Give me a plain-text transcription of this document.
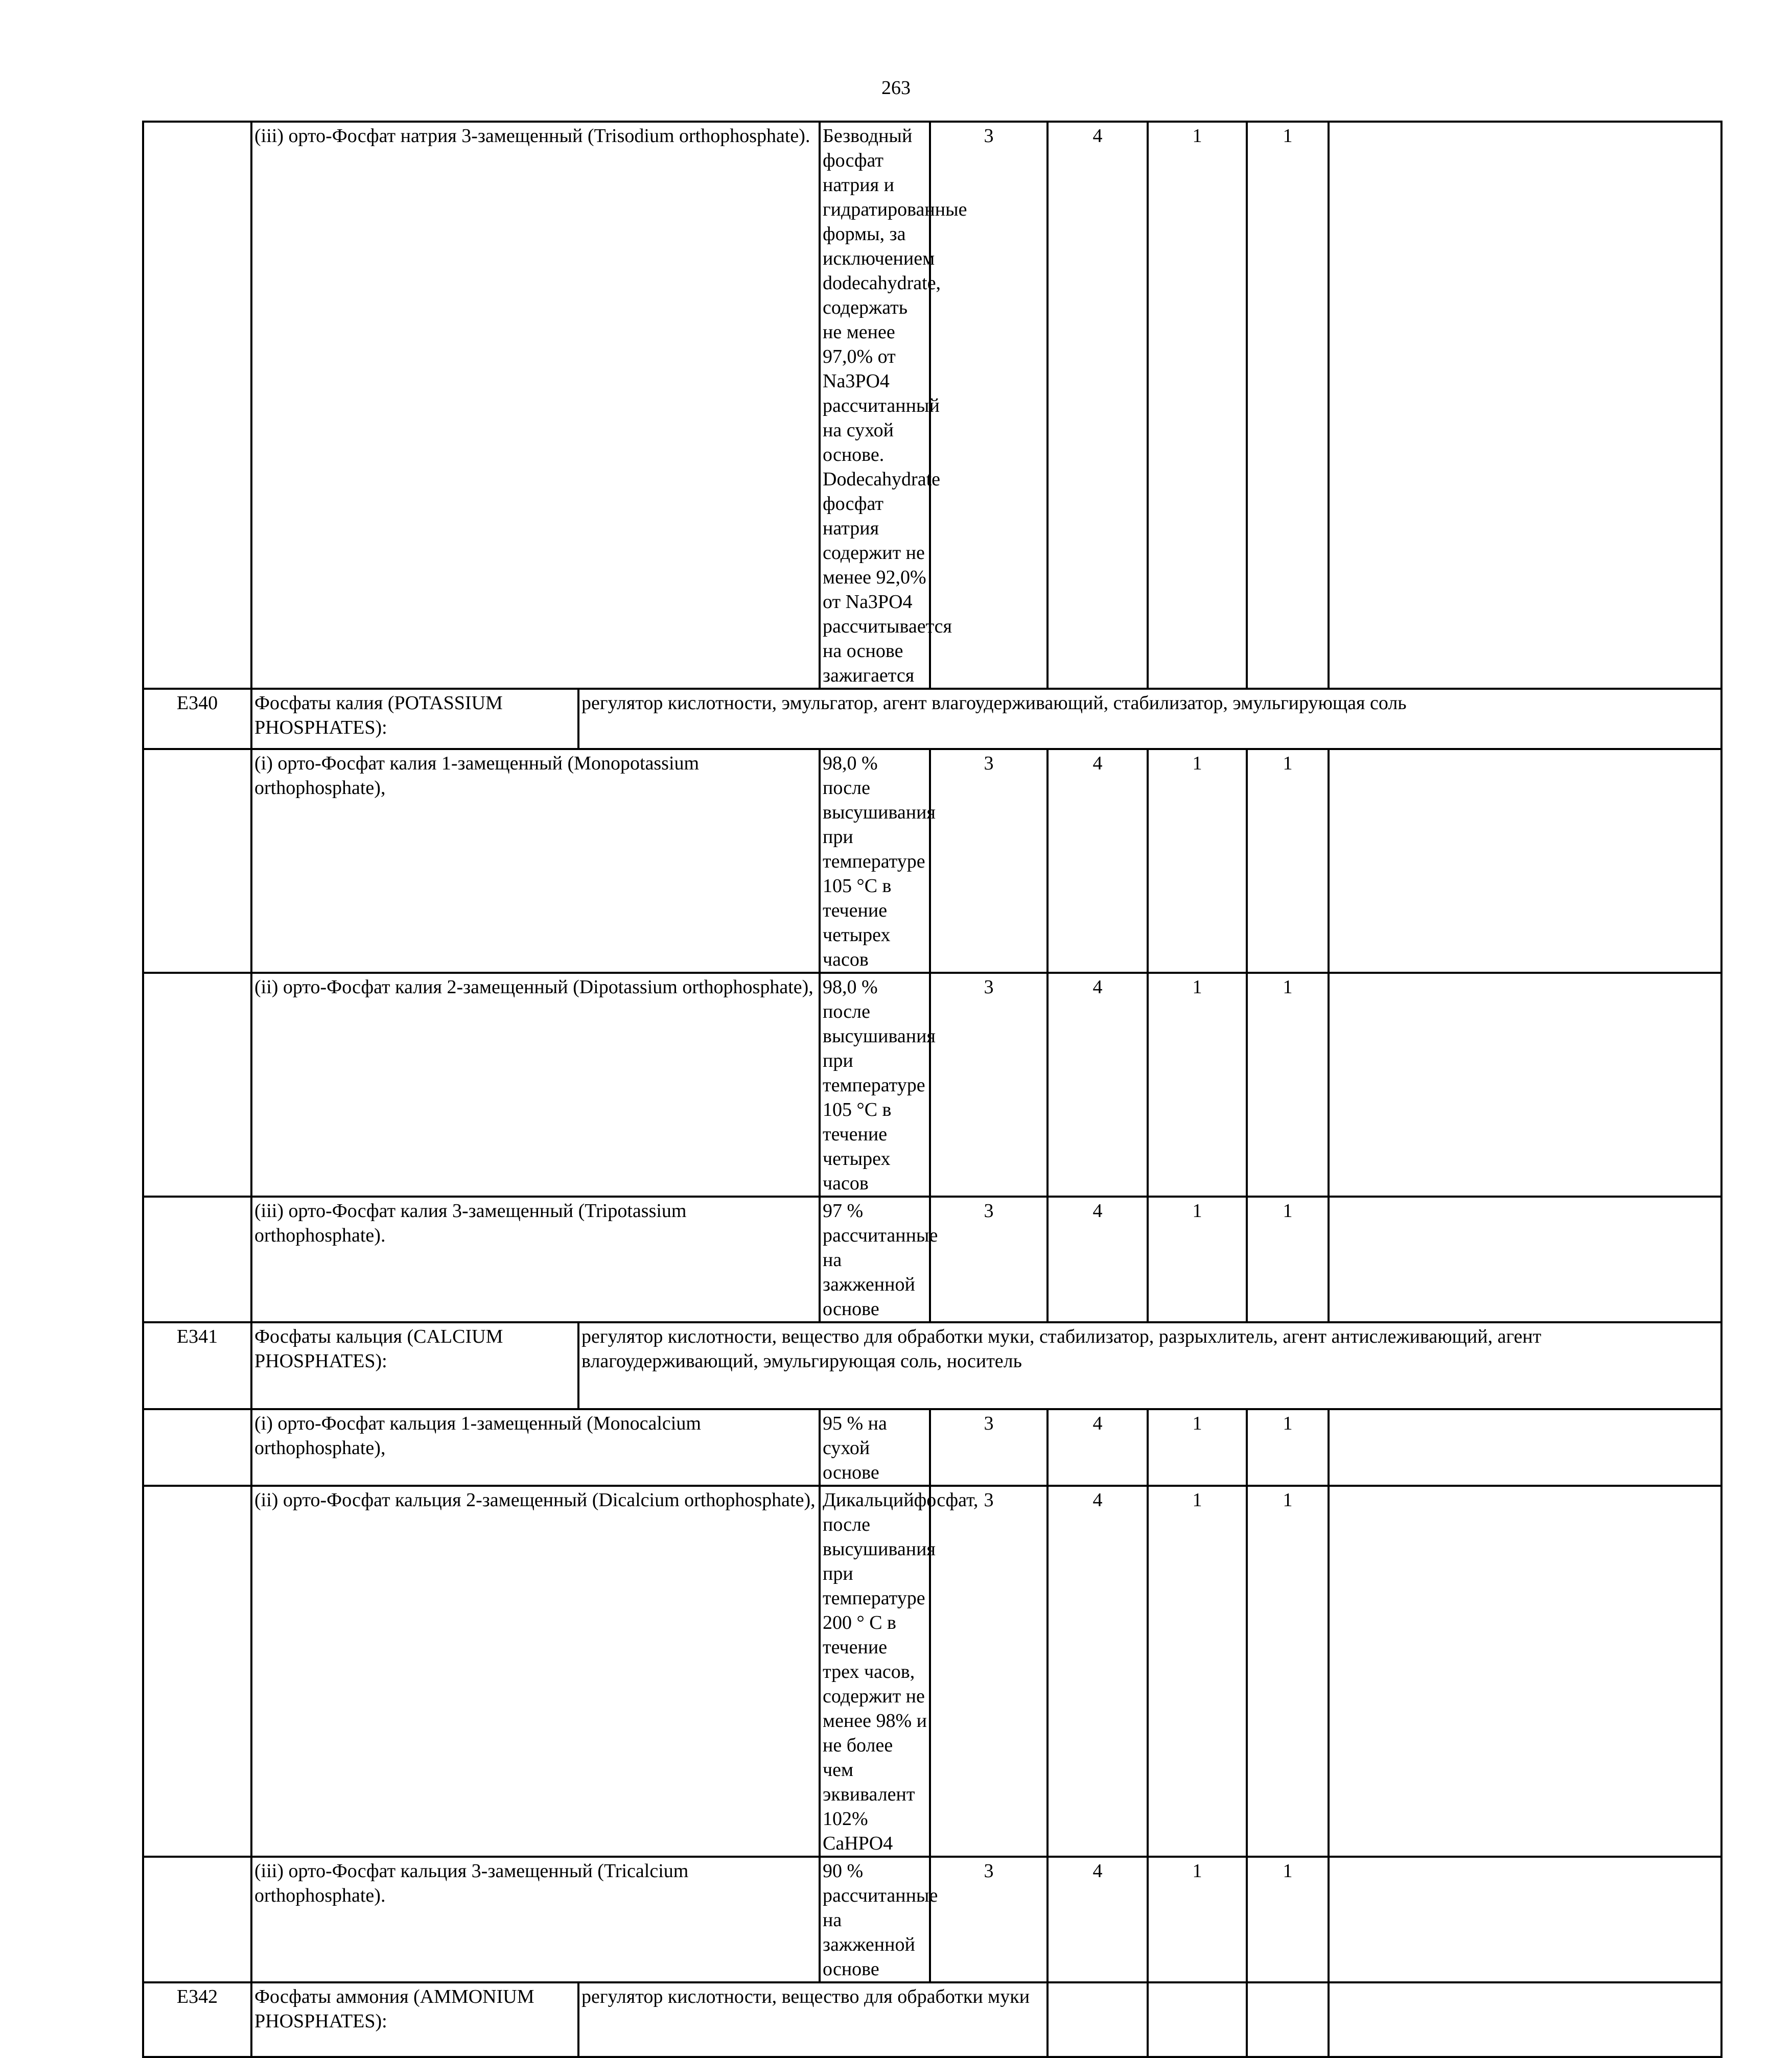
263
	(iii) орто-Фосфат натрия 3-замещенный (Trisodium orthophosphate).		Безводный фосфат натрия и гидратированные формы, за исключением dodecahydrate, содержать не менее 97,0% от Na3PO4 рассчитанный на сухой основе. Dodecahydrate фосфат натрия содержит не менее 92,0% от Na3PO4 рассчитывается на основе зажигается	3	4	1	1	
E340	Фосфаты калия (POTASSIUM PHOSPHATES):	регулятор кислотности, эмульгатор, агент влагоудерживающий, стабилизатор, эмульгирующая соль						
	(i) орто-Фосфат калия 1-замещенный (Monopotassium orthophosphate),		98,0 % после высушивания при температуре 105 °С в течение четырех часов	3	4	1	1	
	(ii) орто-Фосфат калия 2-замещенный (Dipotassium orthophosphate),		98,0 % после высушивания при температуре 105 °С в течение четырех часов	3	4	1	1	
	(iii) орто-Фосфат калия 3-замещенный (Tripotassium orthophosphate).		97 % рассчитанные на зажженной основе	3	4	1	1	
E341	Фосфаты кальция (CALCIUM PHOSPHATES):	регулятор кислотности, вещество для обработки муки, стабилизатор, разрыхлитель, агент антислеживающий, агент влагоудерживающий, эмульгирующая соль, носитель						
	(i) орто-Фосфат кальция 1-замещенный (Monocalcium orthophosphate),		95 % на сухой основе	3	4	1	1	
	(ii) орто-Фосфат кальция 2-замещенный (Dicalcium orthophosphate),		Дикальцийфосфат, после высушивания при температуре 200 ° С в течение трех часов, содержит не менее 98% и не более чем эквивалент 102% CaHPO4	3	4	1	1	
	(iii) орто-Фосфат кальция 3-замещенный (Tricalcium orthophosphate).		90 % рассчитанные на зажженной основе	3	4	1	1	
E342	Фосфаты аммония (AMMONIUM PHOSPHATES):	регулятор кислотности, вещество для обработки муки						
